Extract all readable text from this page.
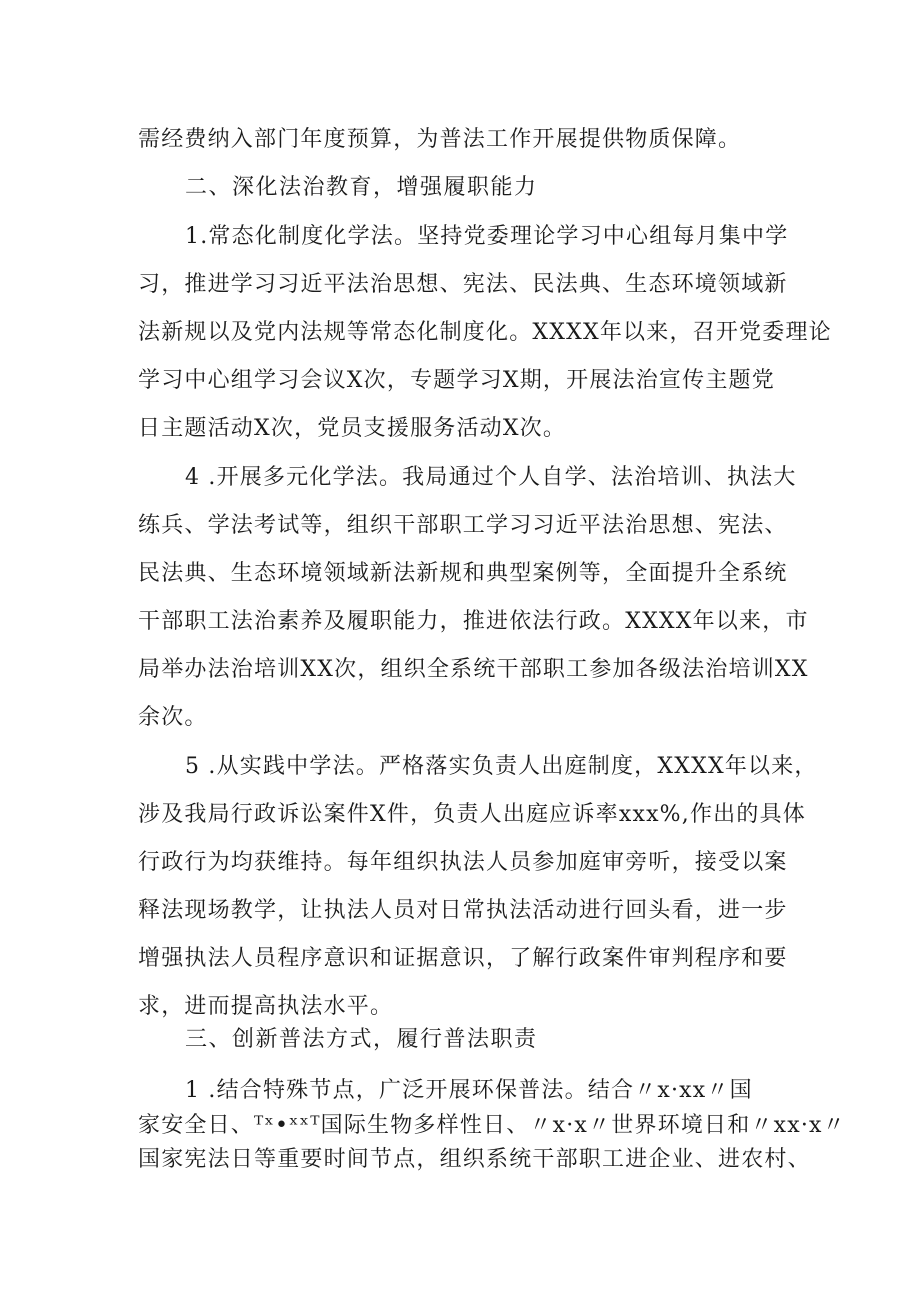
需经费纳入部门年度预算，为普法工作开展提供物质保障。
二、深化法治教育，增强履职能力
1.常态化制度化学法。坚持党委理论学习中心组每月集中学
习，推进学习习近平法治思想、宪法、民法典、生态环境领域新
法新规以及党内法规等常态化制度化。XXXX年以来，召开党委理论
学习中心组学习会议X次，专题学习X期，开展法治宣传主题党
日主题活动X次，党员支援服务活动X次。
4 .开展多元化学法。我局通过个人自学、法治培训、执法大
练兵、学法考试等，组织干部职工学习习近平法治思想、宪法、
民法典、生态环境领域新法新规和典型案例等，全面提升全系统
干部职工法治素养及履职能力，推进依法行政。XXXX年以来，市
局举办法治培训XX次，组织全系统干部职工参加各级法治培训XX
余次。
5 .从实践中学法。严格落实负责人出庭制度，XXXX年以来，
涉及我局行政诉讼案件X件，负责人出庭应诉率xxx%,作出的具体
行政行为均获维持。每年组织执法人员参加庭审旁听，接受以案
释法现场教学，让执法人员对日常执法活动进行回头看，进一步
增强执法人员程序意识和证据意识，了解行政案件审判程序和要
求，进而提高执法水平。
三、创新普法方式，履行普法职责
1 .结合特殊节点，广泛开展环保普法。结合〃x·xx〃国
家安全日、ᵀˣ•ˣˣᵀ国际生物多样性日、〃x·x〃世界环境日和〃xx·x〃
国家宪法日等重要时间节点，组织系统干部职工进企业、进农村、
